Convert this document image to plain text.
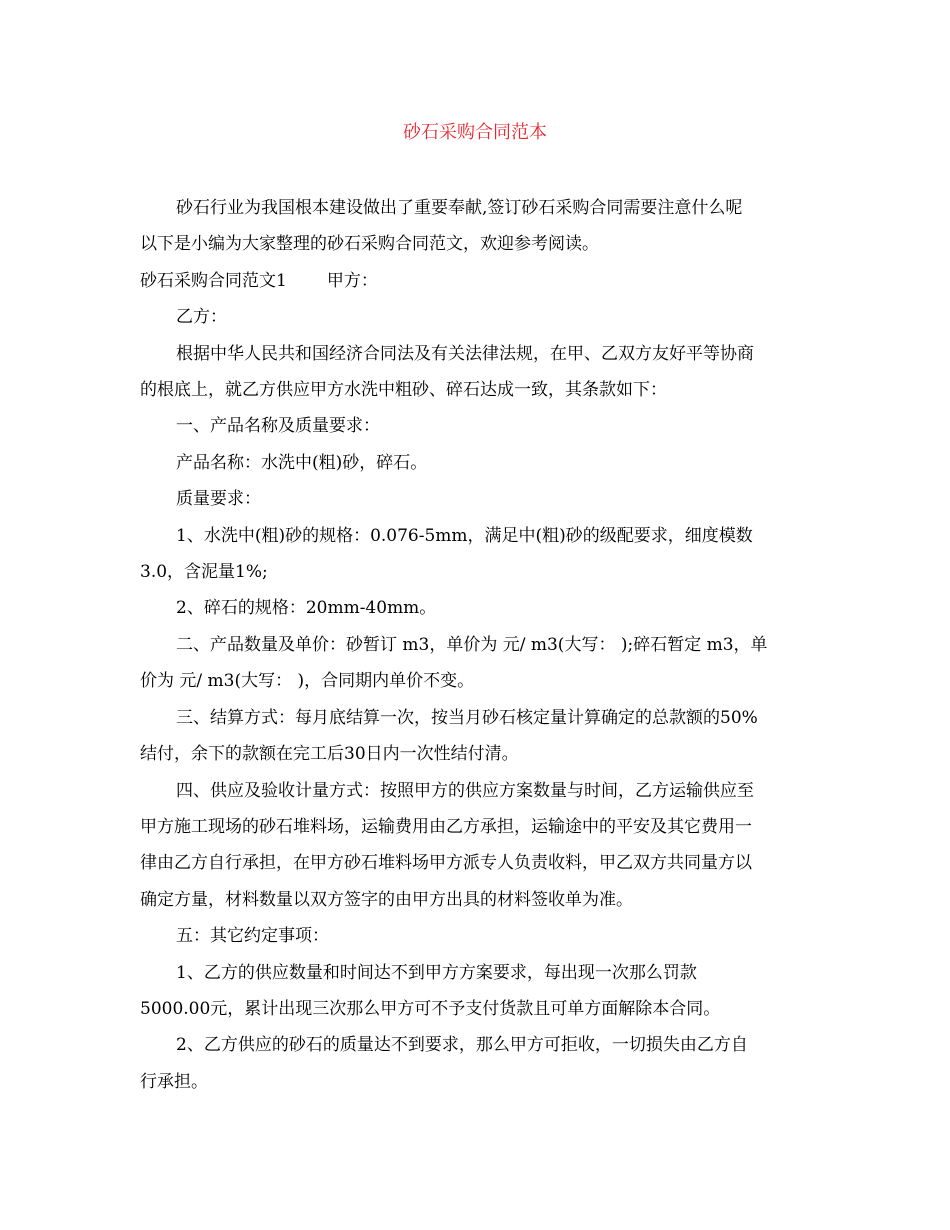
砂石采购合同范本

砂石行业为我国根本建设做出了重要奉献,签订砂石采购合同需要注意什么呢

以下是小编为大家整理的砂石采购合同范文，欢迎参考阅读。

砂石采购合同范文1 甲方：

乙方：

根据中华人民共和国经济合同法及有关法律法规，在甲、乙双方友好平等协商

的根底上，就乙方供应甲方水洗中粗砂、碎石达成一致，其条款如下：

一、产品名称及质量要求：

产品名称：水洗中(粗)砂，碎石。

质量要求：

1、水洗中(粗)砂的规格：0.076-5mm，满足中(粗)砂的级配要求，细度模数

3.0，含泥量1%;

2、碎石的规格：20mm-40mm。

二、产品数量及单价：砂暂订 m3，单价为 元/ m3(大写： );碎石暂定 m3，单

价为 元/ m3(大写： )，合同期内单价不变。

三、结算方式：每月底结算一次，按当月砂石核定量计算确定的总款额的50%

结付，余下的款额在完工后30日内一次性结付清。

四、供应及验收计量方式：按照甲方的供应方案数量与时间，乙方运输供应至

甲方施工现场的砂石堆料场，运输费用由乙方承担，运输途中的平安及其它费用一

律由乙方自行承担，在甲方砂石堆料场甲方派专人负责收料，甲乙双方共同量方以

确定方量，材料数量以双方签字的由甲方出具的材料签收单为准。

五：其它约定事项：

1、乙方的供应数量和时间达不到甲方方案要求，每出现一次那么罚款

5000.00元，累计出现三次那么甲方可不予支付货款且可单方面解除本合同。

2、乙方供应的砂石的质量达不到要求，那么甲方可拒收，一切损失由乙方自

行承担。
